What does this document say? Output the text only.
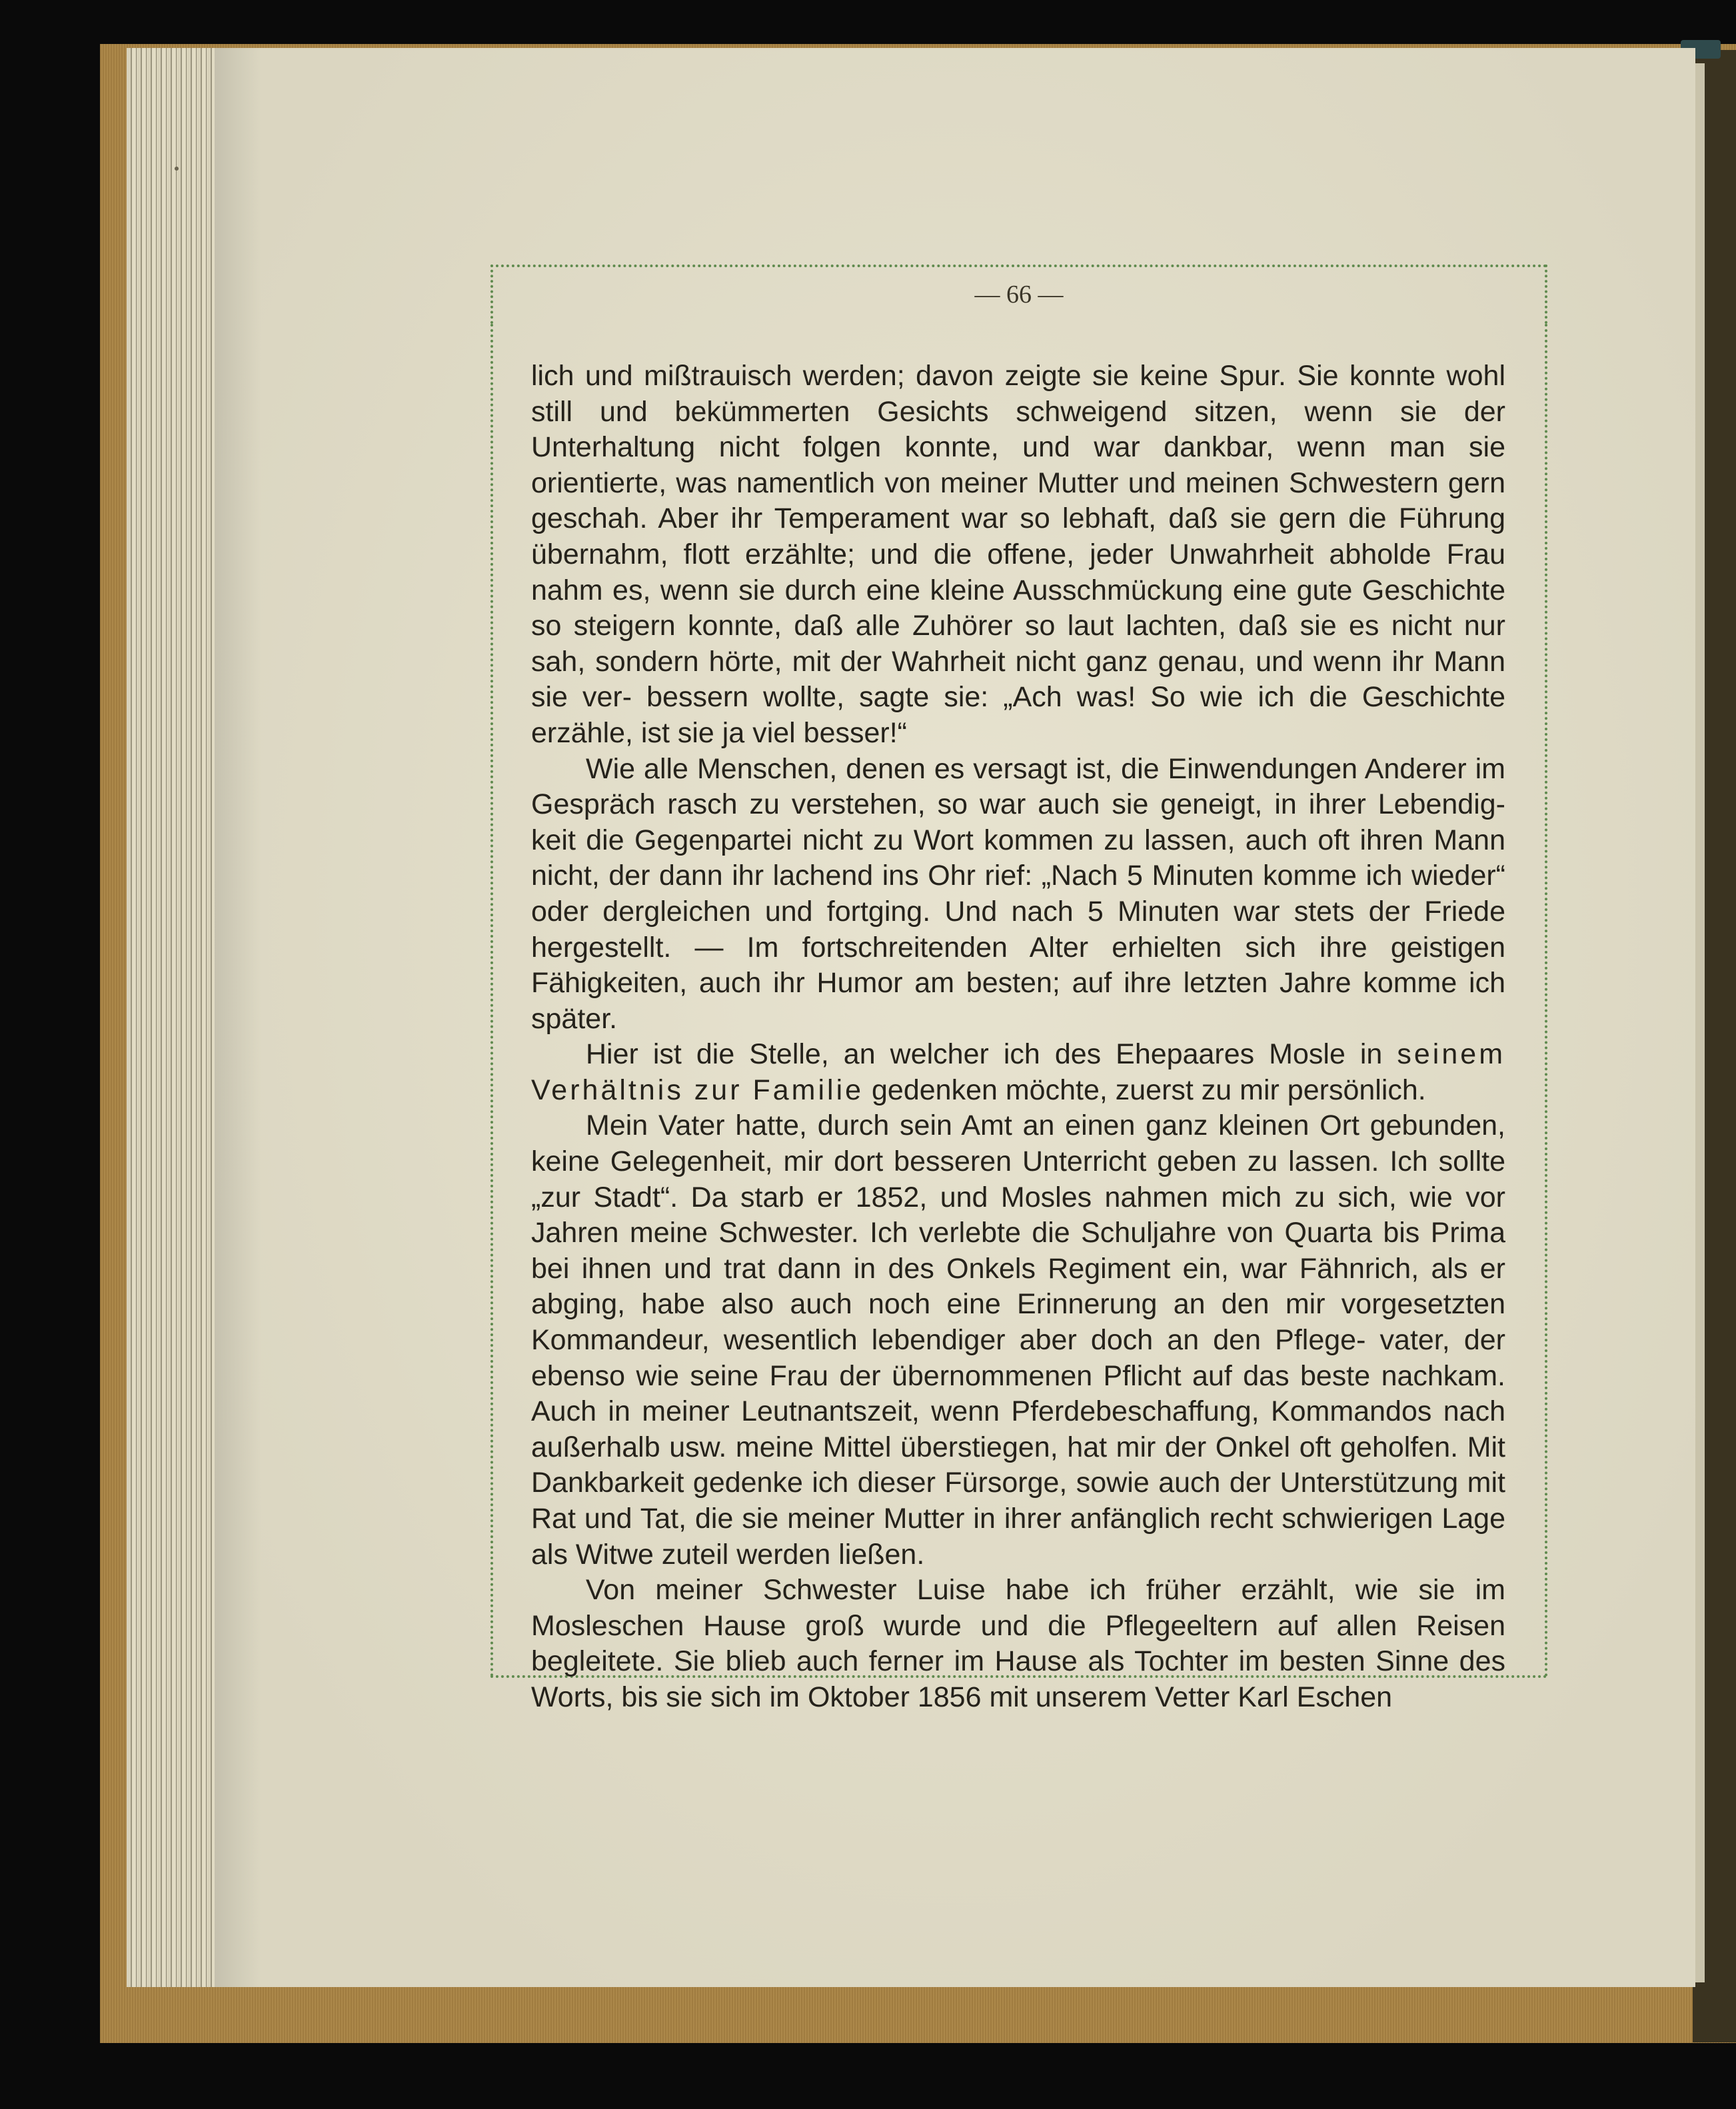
— 66 —

lich und mißtrauisch werden; davon zeigte sie keine Spur. Sie konnte wohl still und bekümmerten Gesichts schweigend sitzen, wenn sie der Unterhaltung nicht folgen konnte, und war dankbar, wenn man sie orientierte, was namentlich von meiner Mutter und meinen Schwestern gern geschah. Aber ihr Temperament war so lebhaft, daß sie gern die Führung übernahm, flott erzählte; und die offene, jeder Unwahrheit abholde Frau nahm es, wenn sie durch eine kleine Ausschmückung eine gute Geschichte so steigern konnte, daß alle Zuhörer so laut lachten, daß sie es nicht nur sah, sondern hörte, mit der Wahrheit nicht ganz genau, und wenn ihr Mann sie ver- bessern wollte, sagte sie: „Ach was! So wie ich die Geschichte erzähle, ist sie ja viel besser!“

Wie alle Menschen, denen es versagt ist, die Einwendungen Anderer im Gespräch rasch zu verstehen, so war auch sie geneigt, in ihrer Lebendig- keit die Gegenpartei nicht zu Wort kommen zu lassen, auch oft ihren Mann nicht, der dann ihr lachend ins Ohr rief: „Nach 5 Minuten komme ich wieder“ oder dergleichen und fortging. Und nach 5 Minuten war stets der Friede hergestellt. — Im fortschreitenden Alter erhielten sich ihre geistigen Fähigkeiten, auch ihr Humor am besten; auf ihre letzten Jahre komme ich später.

Hier ist die Stelle, an welcher ich des Ehepaares Mosle in seinem Verhältnis zur Familie gedenken möchte, zuerst zu mir persönlich.

Mein Vater hatte, durch sein Amt an einen ganz kleinen Ort gebunden, keine Gelegenheit, mir dort besseren Unterricht geben zu lassen. Ich sollte „zur Stadt“. Da starb er 1852, und Mosles nahmen mich zu sich, wie vor Jahren meine Schwester. Ich verlebte die Schuljahre von Quarta bis Prima bei ihnen und trat dann in des Onkels Regiment ein, war Fähnrich, als er abging, habe also auch noch eine Erinnerung an den mir vorgesetzten Kommandeur, wesentlich lebendiger aber doch an den Pflege- vater, der ebenso wie seine Frau der übernommenen Pflicht auf das beste nachkam. Auch in meiner Leutnantszeit, wenn Pferdebeschaffung, Kommandos nach außerhalb usw. meine Mittel überstiegen, hat mir der Onkel oft geholfen. Mit Dankbarkeit gedenke ich dieser Fürsorge, sowie auch der Unterstützung mit Rat und Tat, die sie meiner Mutter in ihrer anfänglich recht schwierigen Lage als Witwe zuteil werden ließen.

Von meiner Schwester Luise habe ich früher erzählt, wie sie im Mosleschen Hause groß wurde und die Pflegeeltern auf allen Reisen begleitete. Sie blieb auch ferner im Hause als Tochter im besten Sinne des Worts, bis sie sich im Oktober 1856 mit unserem Vetter Karl Eschen
